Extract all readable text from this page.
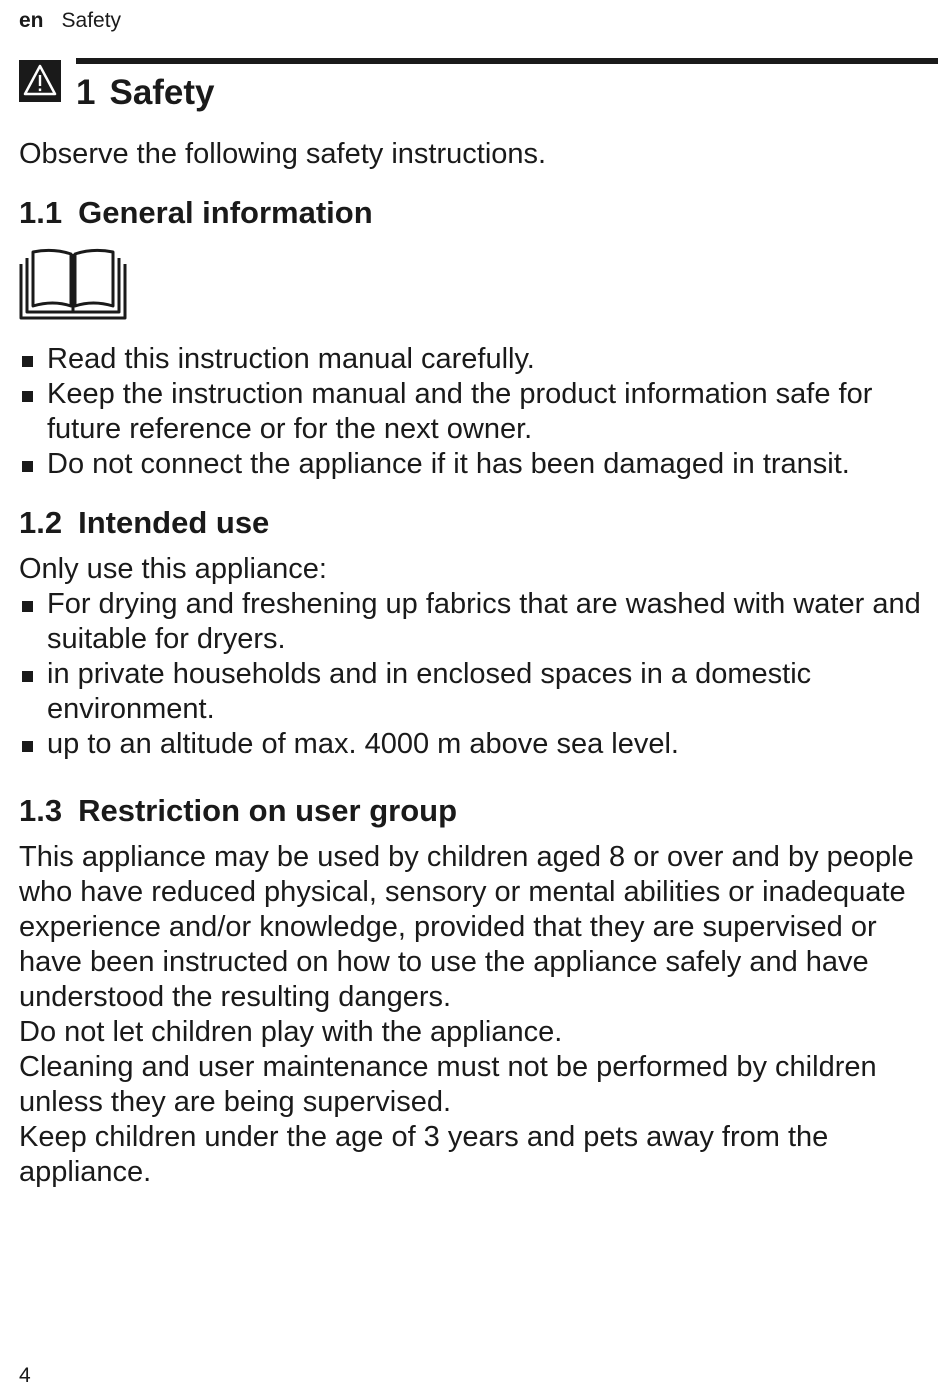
en Safety
1 Safety

Observe the following safety instructions.

1.1 General information
Read this instruction manual carefully.
Keep the instruction manual and the product information safe for future reference or for the next owner.
Do not connect the appliance if it has been damaged in transit.
1.2 Intended use

Only use this appliance:

For drying and freshening up fabrics that are washed with water and suitable for dryers.
in private households and in enclosed spaces in a domestic environment.
up to an altitude of max. 4000 m above sea level.
1.3 Restriction on user group

This appliance may be used by children aged 8 or over and by people who have reduced physical, sensory or mental abilities or inadequate experience and/or knowledge, provided that they are supervised or have been instructed on how to use the appliance safely and have understood the resulting dangers.

Do not let children play with the appliance.

Cleaning and user maintenance must not be performed by children unless they are being supervised.

Keep children under the age of 3 years and pets away from the appliance.

4
